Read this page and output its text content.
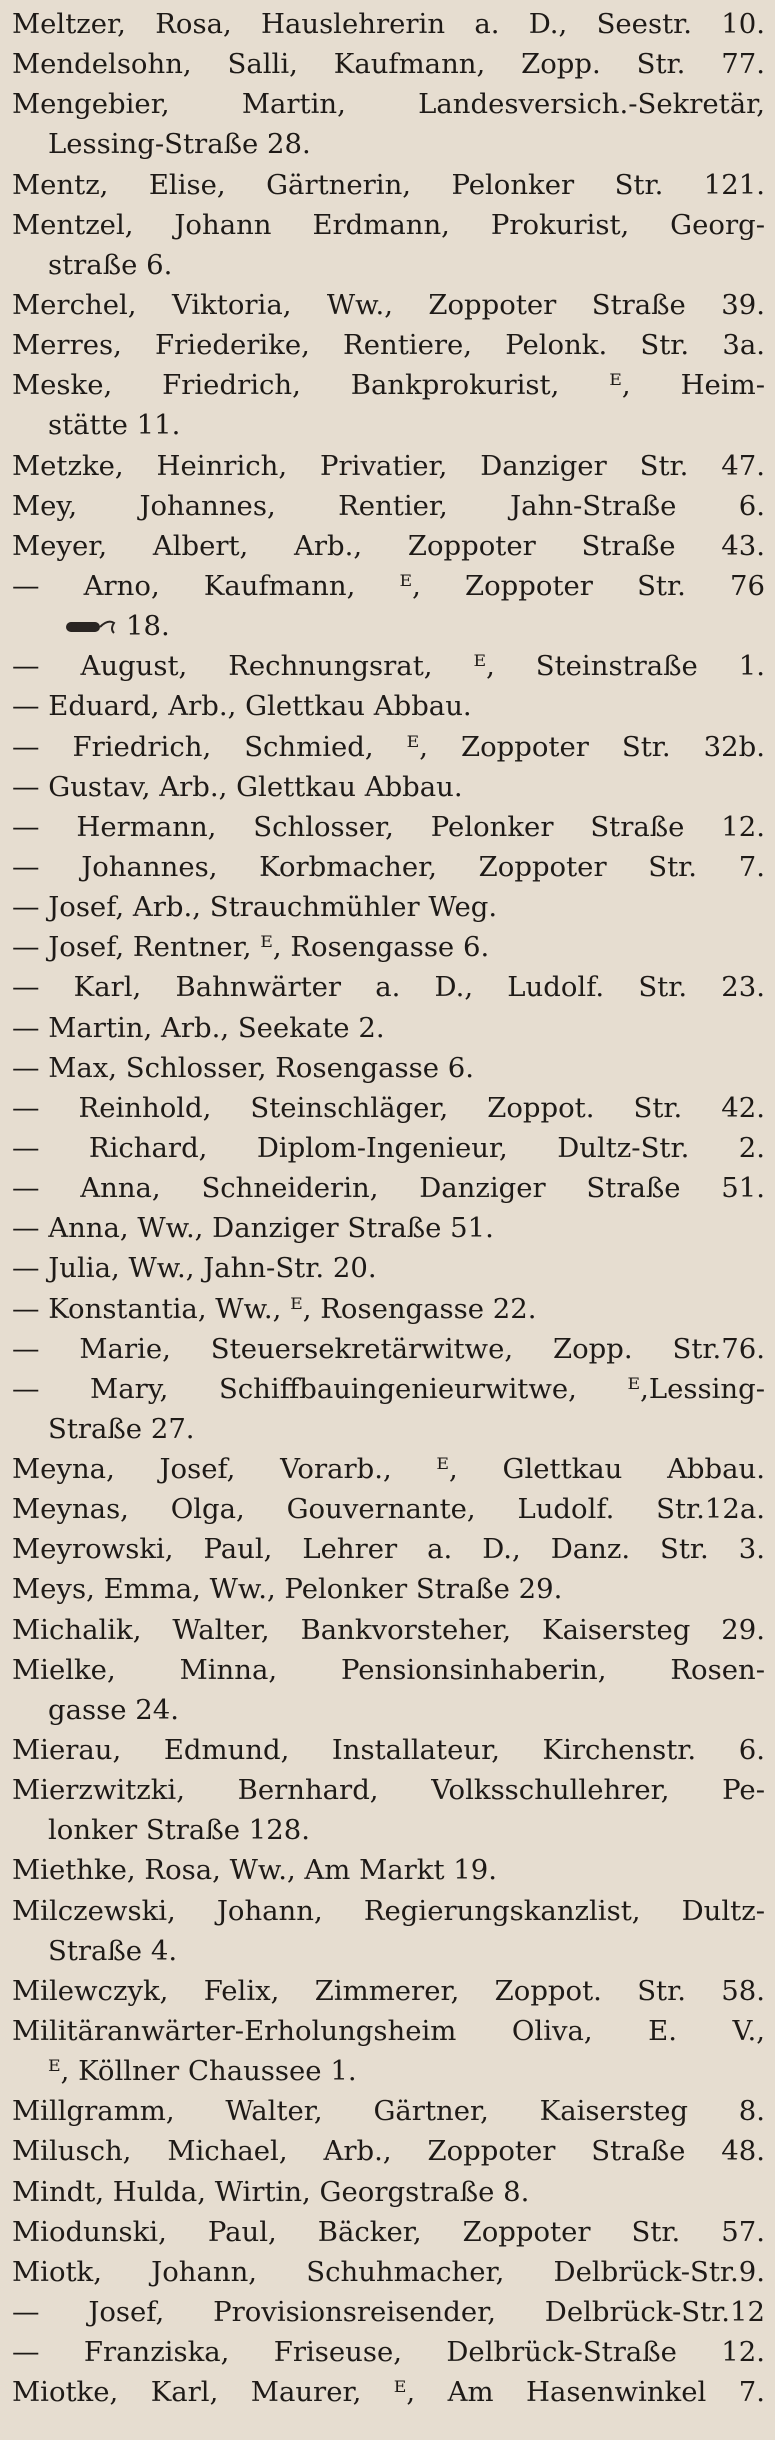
Meltzer, Rosa, Hauslehrerin a. D., Seestr. 10.
Mendelsohn, Salli, Kaufmann, Zopp. Str. 77.
Mengebier, Martin, Landesversich.-Sekretär,
Lessing-Straße 28.
Mentz, Elise, Gärtnerin, Pelonker Str. 121.
Mentzel, Johann Erdmann, Prokurist, Georg-
straße 6.
Merchel, Viktoria, Ww., Zoppoter Straße 39.
Merres, Friederike, Rentiere, Pelonk. Str. 3a.
Meske, Friedrich, Bankprokurist, ᴱ, Heim-
stätte 11.
Metzke, Heinrich, Privatier, Danziger Str. 47.
Mey, Johannes, Rentier, Jahn-Straße 6.
Meyer, Albert, Arb., Zoppoter Straße 43.
— Arno, Kaufmann, ᴱ, Zoppoter Str. 76
18.
— August, Rechnungsrat, ᴱ, Steinstraße 1.
— Eduard, Arb., Glettkau Abbau.
— Friedrich, Schmied, ᴱ, Zoppoter Str. 32b.
— Gustav, Arb., Glettkau Abbau.
— Hermann, Schlosser, Pelonker Straße 12.
— Johannes, Korbmacher, Zoppoter Str. 7.
— Josef, Arb., Strauchmühler Weg.
— Josef, Rentner, ᴱ, Rosengasse 6.
— Karl, Bahnwärter a. D., Ludolf. Str. 23.
— Martin, Arb., Seekate 2.
— Max, Schlosser, Rosengasse 6.
— Reinhold, Steinschläger, Zoppot. Str. 42.
— Richard, Diplom-Ingenieur, Dultz-Str. 2.
— Anna, Schneiderin, Danziger Straße 51.
— Anna, Ww., Danziger Straße 51.
— Julia, Ww., Jahn-Str. 20.
— Konstantia, Ww., ᴱ, Rosengasse 22.
— Marie, Steuersekretärwitwe, Zopp. Str.76.
— Mary, Schiffbauingenieurwitwe, ᴱ,Lessing-
Straße 27.
Meyna, Josef, Vorarb., ᴱ, Glettkau Abbau.
Meynas, Olga, Gouvernante, Ludolf. Str.12a.
Meyrowski, Paul, Lehrer a. D., Danz. Str. 3.
Meys, Emma, Ww., Pelonker Straße 29.
Michalik, Walter, Bankvorsteher, Kaisersteg 29.
Mielke, Minna, Pensionsinhaberin, Rosen-
gasse 24.
Mierau, Edmund, Installateur, Kirchenstr. 6.
Mierzwitzki, Bernhard, Volksschullehrer, Pe-
lonker Straße 128.
Miethke, Rosa, Ww., Am Markt 19.
Milczewski, Johann, Regierungskanzlist, Dultz-
Straße 4.
Milewczyk, Felix, Zimmerer, Zoppot. Str. 58.
Militäranwärter-Erholungsheim Oliva, E. V.,
ᴱ, Köllner Chaussee 1.
Millgramm, Walter, Gärtner, Kaisersteg 8.
Milusch, Michael, Arb., Zoppoter Straße 48.
Mindt, Hulda, Wirtin, Georgstraße 8.
Miodunski, Paul, Bäcker, Zoppoter Str. 57.
Miotk, Johann, Schuhmacher, Delbrück-Str.9.
— Josef, Provisionsreisender, Delbrück-Str.12
— Franziska, Friseuse, Delbrück-Straße 12.
Miotke, Karl, Maurer, ᴱ, Am Hasenwinkel 7.
